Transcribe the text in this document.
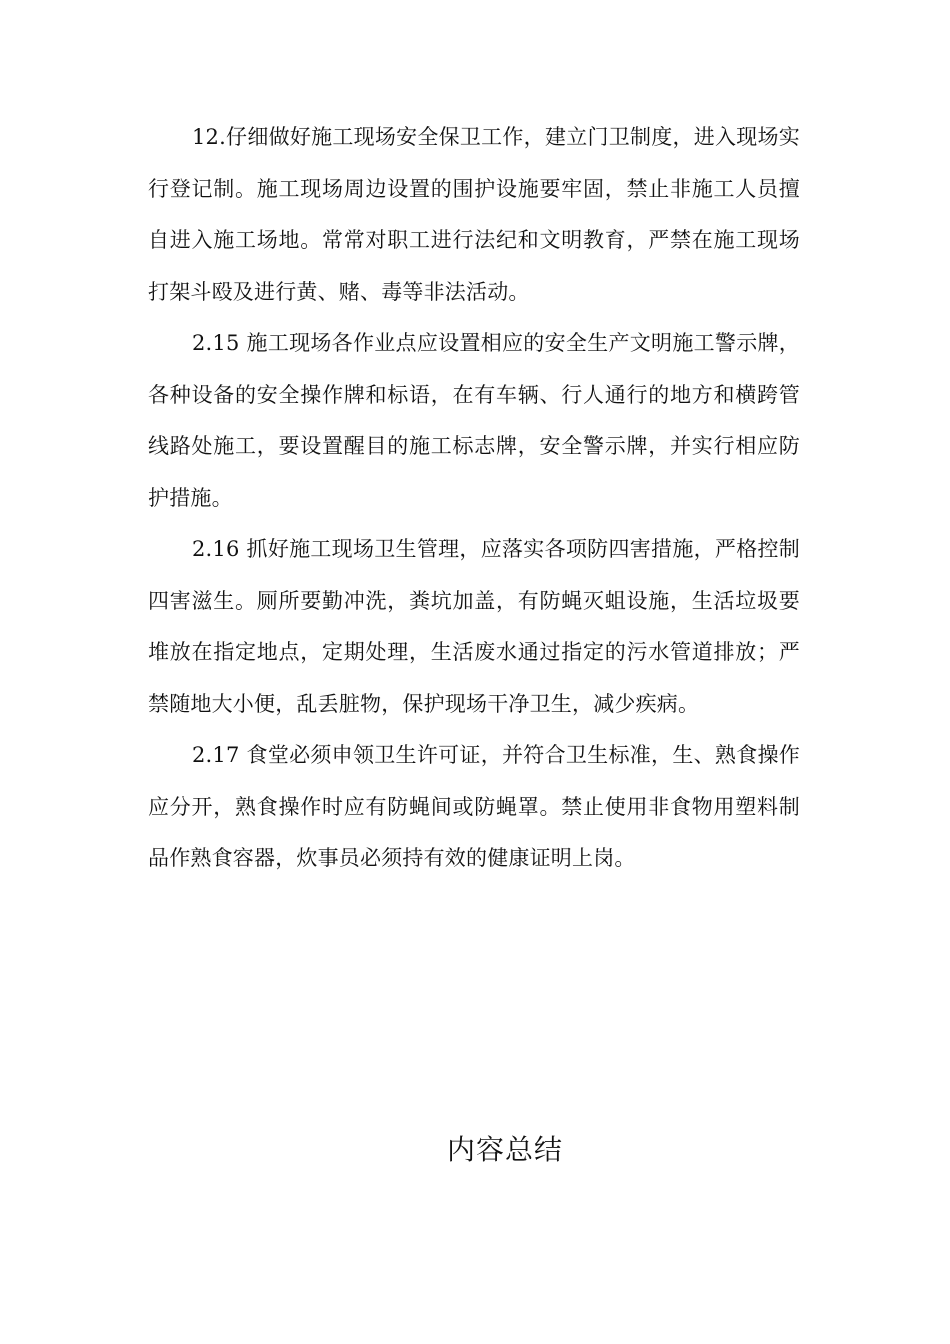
12.仔细做好施工现场安全保卫工作，建立门卫制度，进入现场实行登记制。施工现场周边设置的围护设施要牢固，禁止非施工人员擅自进入施工场地。常常对职工进行法纪和文明教育，严禁在施工现场打架斗殴及进行黄、赌、毒等非法活动。

2.15 施工现场各作业点应设置相应的安全生产文明施工警示牌，各种设备的安全操作牌和标语，在有车辆、行人通行的地方和横跨管线路处施工，要设置醒目的施工标志牌，安全警示牌，并实行相应防护措施。

2.16 抓好施工现场卫生管理，应落实各项防四害措施，严格控制四害滋生。厕所要勤冲洗，粪坑加盖，有防蝇灭蛆设施，生活垃圾要堆放在指定地点，定期处理，生活废水通过指定的污水管道排放；严禁随地大小便，乱丢脏物，保护现场干净卫生，减少疾病。

2.17 食堂必须申领卫生许可证，并符合卫生标准，生、熟食操作应分开，熟食操作时应有防蝇间或防蝇罩。禁止使用非食物用塑料制品作熟食容器，炊事员必须持有效的健康证明上岗。

内容总结
